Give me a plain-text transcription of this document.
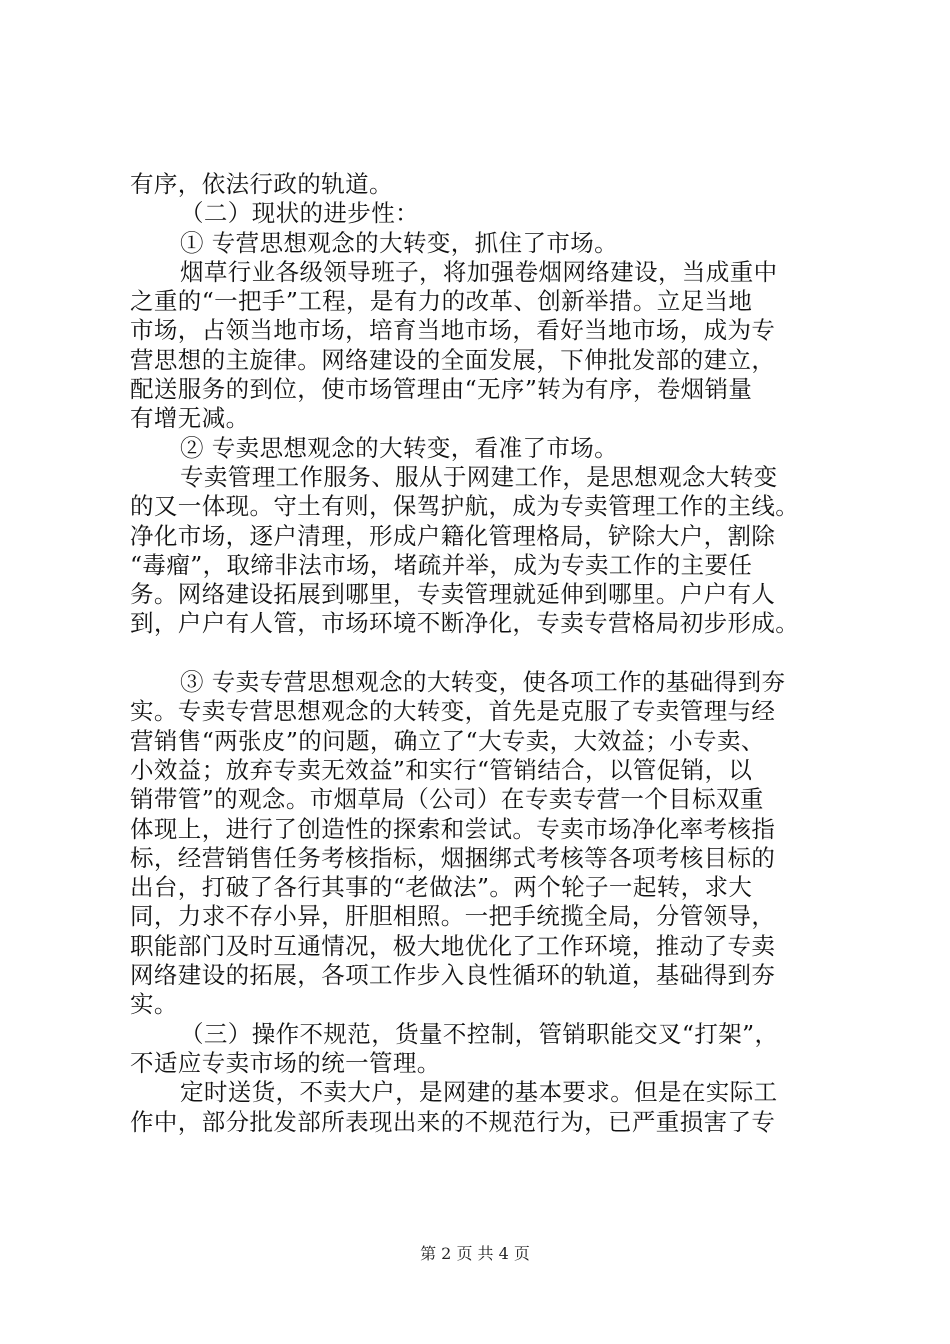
有序，依法行政的轨道。
（二）现状的进步性：
① 专营思想观念的大转变，抓住了市场。
烟草行业各级领导班子，将加强卷烟网络建设，当成重中
之重的“一把手”工程，是有力的改革、创新举措。立足当地
市场，占领当地市场，培育当地市场，看好当地市场，成为专
营思想的主旋律。网络建设的全面发展，下伸批发部的建立，
配送服务的到位，使市场管理由“无序”转为有序，卷烟销量
有增无减。
② 专卖思想观念的大转变，看准了市场。
专卖管理工作服务、服从于网建工作，是思想观念大转变
的又一体现。守土有则，保驾护航，成为专卖管理工作的主线。
净化市场，逐户清理，形成户籍化管理格局，铲除大户，割除
“毒瘤”，取缔非法市场，堵疏并举，成为专卖工作的主要任
务。网络建设拓展到哪里，专卖管理就延伸到哪里。户户有人
到，户户有人管，市场环境不断净化，专卖专营格局初步形成。
③ 专卖专营思想观念的大转变，使各项工作的基础得到夯
实。专卖专营思想观念的大转变，首先是克服了专卖管理与经
营销售“两张皮”的问题，确立了“大专卖，大效益；小专卖、
小效益；放弃专卖无效益”和实行“管销结合，以管促销，以
销带管”的观念。市烟草局（公司）在专卖专营一个目标双重
体现上，进行了创造性的探索和尝试。专卖市场净化率考核指
标，经营销售任务考核指标，烟捆绑式考核等各项考核目标的
出台，打破了各行其事的“老做法”。两个轮子一起转，求大
同，力求不存小异，肝胆相照。一把手统揽全局，分管领导，
职能部门及时互通情况，极大地优化了工作环境，推动了专卖
网络建设的拓展，各项工作步入良性循环的轨道，基础得到夯
实。
（三）操作不规范，货量不控制，管销职能交叉“打架”，
不适应专卖市场的统一管理。
定时送货，不卖大户，是网建的基本要求。但是在实际工
作中，部分批发部所表现出来的不规范行为，已严重损害了专
第 2 页 共 4 页
